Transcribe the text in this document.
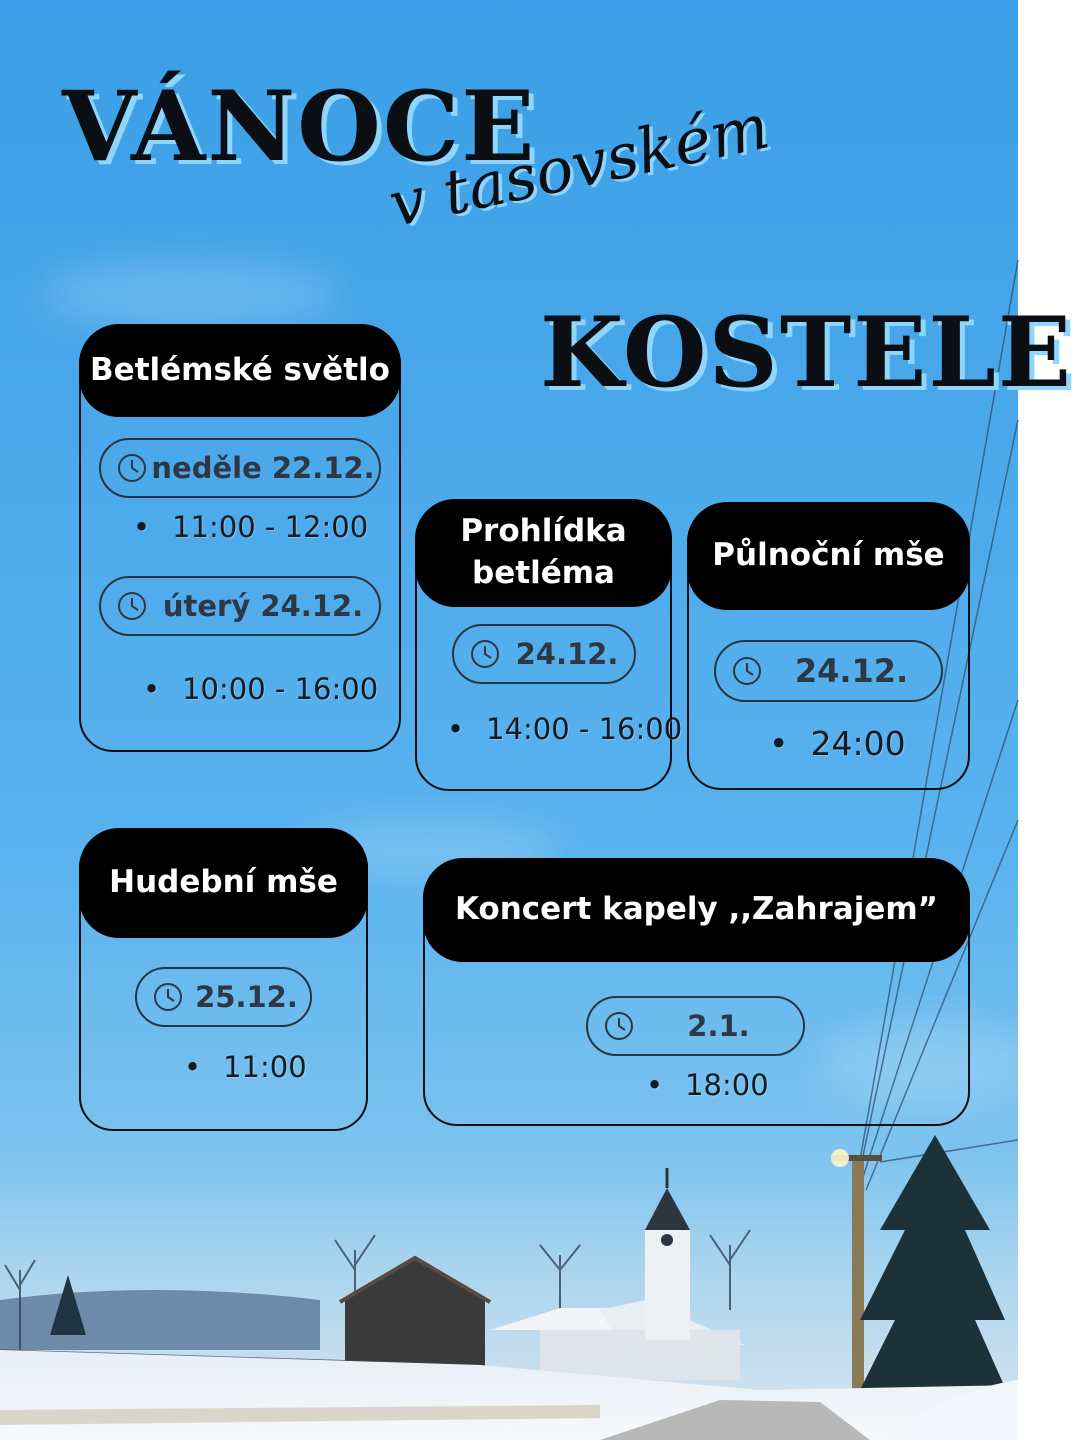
VÁNOCE
v tasovském
KOSTELE
Betlémské světlo
neděle 22.12.
• 11:00 - 12:00
úterý 24.12.
• 10:00 - 16:00
Prohlídka
betléma
24.12.
• 14:00 - 16:00
Půlnoční mše
24.12.
• 24:00
Hudební mše
25.12.
• 11:00
Koncert kapely ,,Zahrajem”
2.1.
• 18:00
